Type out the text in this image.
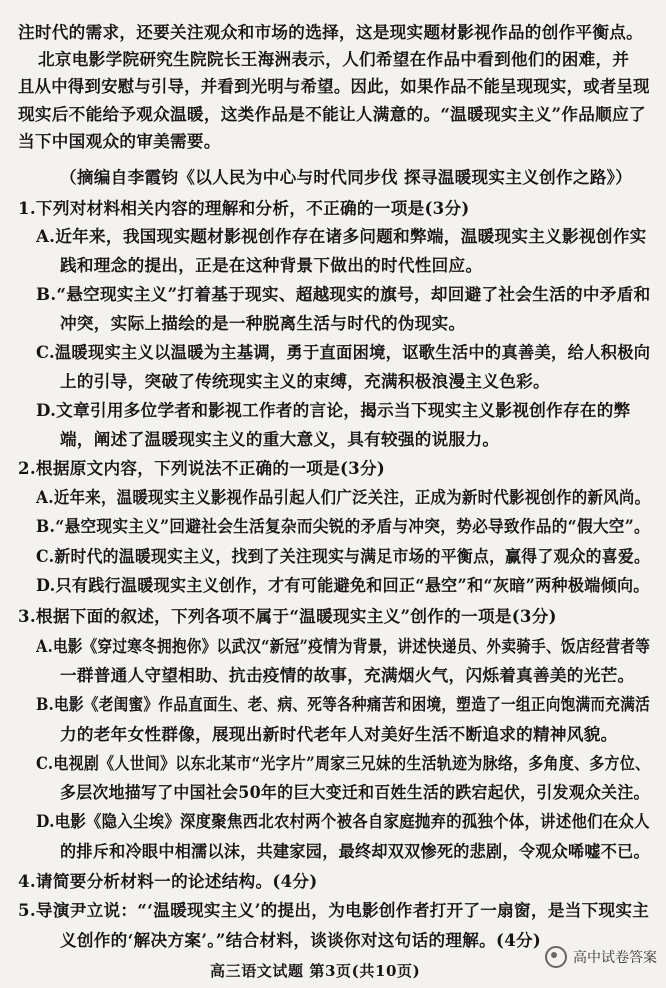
注时代的需求，还要关注观众和市场的选择，这是现实题材影视作品的创作平衡点。
北京电影学院研究生院院长王海洲表示，人们希望在作品中看到他们的困难，并
且从中得到安慰与引导，并看到光明与希望。因此，如果作品不能呈现现实，或者呈现
现实后不能给予观众温暖，这类作品是不能让人满意的。“温暖现实主义”作品顺应了
当下中国观众的审美需要。
（摘编自李霞钧《以人民为中心与时代同步伐 探寻温暖现实主义创作之路》）
1.下列对材料相关内容的理解和分析，不正确的一项是(3分)
A.近年来，我国现实题材影视创作存在诸多问题和弊端，温暖现实主义影视创作实
践和理念的提出，正是在这种背景下做出的时代性回应。
B.“悬空现实主义”打着基于现实、超越现实的旗号，却回避了社会生活的中矛盾和
冲突，实际上描绘的是一种脱离生活与时代的伪现实。
C.温暖现实主义以温暖为主基调，勇于直面困境，讴歌生活中的真善美，给人积极向
上的引导，突破了传统现实主义的束缚，充满积极浪漫主义色彩。
D.文章引用多位学者和影视工作者的言论，揭示当下现实主义影视创作存在的弊
端，阐述了温暖现实主义的重大意义，具有较强的说服力。
2.根据原文内容，下列说法不正确的一项是(3分)
A.近年来，温暖现实主义影视作品引起人们广泛关注，正成为新时代影视创作的新风尚。
B.“悬空现实主义”回避社会生活复杂而尖锐的矛盾与冲突，势必导致作品的“假大空”。
C.新时代的温暖现实主义，找到了关注现实与满足市场的平衡点，赢得了观众的喜爱。
D.只有践行温暖现实主义创作，才有可能避免和回正“悬空”和“灰暗”两种极端倾向。
3.根据下面的叙述，下列各项不属于“温暖现实主义”创作的一项是(3分)
A.电影《穿过寒冬拥抱你》以武汉“新冠”疫情为背景，讲述快递员、外卖骑手、饭店经营者等
一群普通人守望相助、抗击疫情的故事，充满烟火气，闪烁着真善美的光芒。
B.电影《老闺蜜》作品直面生、老、病、死等各种痛苦和困境，塑造了一组正向饱满而充满活
力的老年女性群像，展现出新时代老年人对美好生活不断追求的精神风貌。
C.电视剧《人世间》以东北某市“光字片”周家三兄妹的生活轨迹为脉络，多角度、多方位、
多层次地描写了中国社会50年的巨大变迁和百姓生活的跌宕起伏，引发观众关注。
D.电影《隐入尘埃》深度聚焦西北农村两个被各自家庭抛弃的孤独个体，讲述他们在众人
的排斥和冷眼中相濡以沫，共建家园，最终却双双惨死的悲剧，令观众唏嘘不已。
4.请简要分析材料一的论述结构。(4分)
5.导演尹立说：“‘温暖现实主义’的提出，为电影创作者打开了一扇窗，是当下现实主
义创作的‘解决方案’。”结合材料，谈谈你对这句话的理解。(4分)
高三语文试题 第3页(共10页)
高中试卷答案
